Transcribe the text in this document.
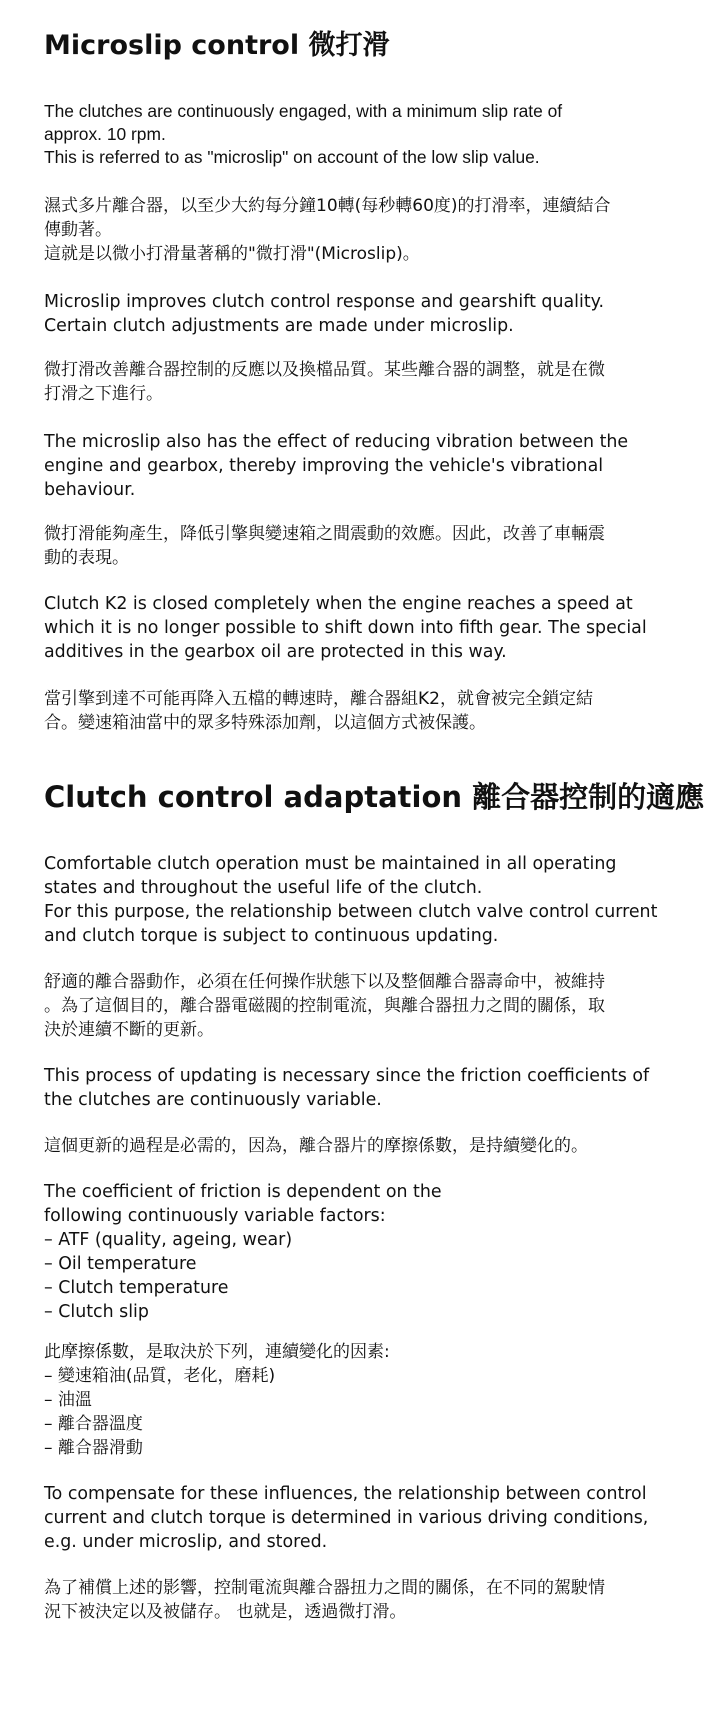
Microslip control 微打滑

The clutches are continuously engaged, with a minimum slip rate of
approx. 10 rpm.
This is referred to as "microslip" on account of the low slip value.

濕式多片離合器，以至少大約每分鐘10轉(每秒轉60度)的打滑率，連續結合
傳動著。
這就是以微小打滑量著稱的"微打滑"(Microslip)。

Microslip improves clutch control response and gearshift quality.
Certain clutch adjustments are made under microslip.

微打滑改善離合器控制的反應以及換檔品質。某些離合器的調整，就是在微
打滑之下進行。

The microslip also has the effect of reducing vibration between the
engine and gearbox, thereby improving the vehicle's vibrational
behaviour.

微打滑能夠產生，降低引擎與變速箱之間震動的效應。因此，改善了車輛震
動的表現。

Clutch K2 is closed completely when the engine reaches a speed at
which it is no longer possible to shift down into fifth gear. The special
additives in the gearbox oil are protected in this way.

當引擎到達不可能再降入五檔的轉速時，離合器組K2，就會被完全鎖定結
合。變速箱油當中的眾多特殊添加劑，以這個方式被保護。

Clutch control adaptation 離合器控制的適應

Comfortable clutch operation must be maintained in all operating
states and throughout the useful life of the clutch.
For this purpose, the relationship between clutch valve control current
and clutch torque is subject to continuous updating.

舒適的離合器動作，必須在任何操作狀態下以及整個離合器壽命中，被維持
。為了這個目的，離合器電磁閥的控制電流，與離合器扭力之間的關係，取
決於連續不斷的更新。

This process of updating is necessary since the friction coefficients of
the clutches are continuously variable.

這個更新的過程是必需的，因為，離合器片的摩擦係數，是持續變化的。

The coefficient of friction is dependent on the
following continuously variable factors:
– ATF (quality, ageing, wear)
– Oil temperature
– Clutch temperature
– Clutch slip
此摩擦係數，是取決於下列，連續變化的因素:
– 變速箱油(品質，老化，磨耗)
– 油溫
– 離合器溫度
– 離合器滑動

To compensate for these influences, the relationship between control
current and clutch torque is determined in various driving conditions,
e.g. under microslip, and stored.

為了補償上述的影響，控制電流與離合器扭力之間的關係，在不同的駕駛情
況下被決定以及被儲存。 也就是，透過微打滑。
